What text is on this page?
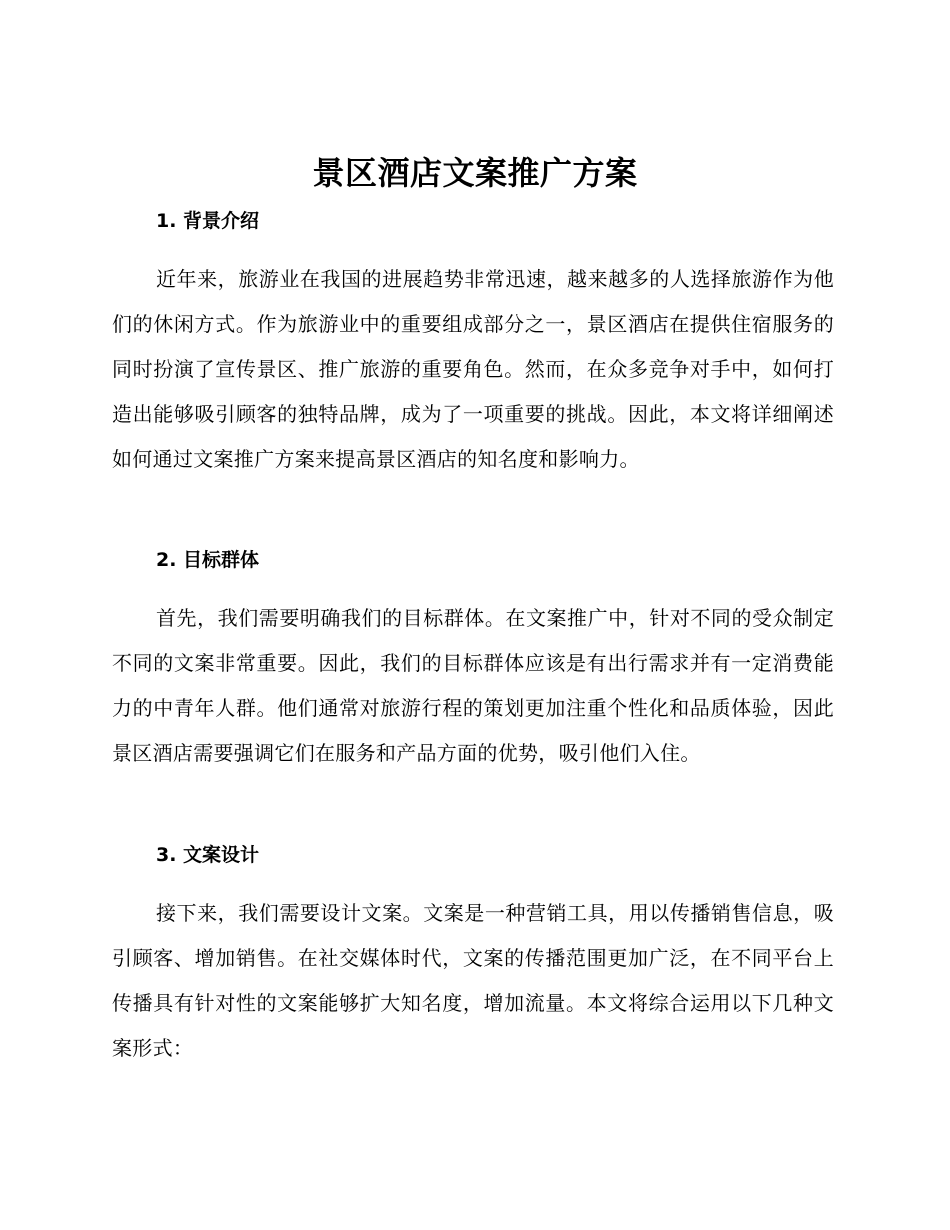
景区酒店文案推广方案
1. 背景介绍

近年来，旅游业在我国的进展趋势非常迅速，越来越多的人选择旅游作为他们的休闲方式。作为旅游业中的重要组成部分之一，景区酒店在提供住宿服务的同时扮演了宣传景区、推广旅游的重要角色。然而，在众多竞争对手中，如何打造出能够吸引顾客的独特品牌，成为了一项重要的挑战。因此，本文将详细阐述如何通过文案推广方案来提高景区酒店的知名度和影响力。

2. 目标群体

首先，我们需要明确我们的目标群体。在文案推广中，针对不同的受众制定不同的文案非常重要。因此，我们的目标群体应该是有出行需求并有一定消费能力的中青年人群。他们通常对旅游行程的策划更加注重个性化和品质体验，因此景区酒店需要强调它们在服务和产品方面的优势，吸引他们入住。

3. 文案设计

接下来，我们需要设计文案。文案是一种营销工具，用以传播销售信息，吸引顾客、增加销售。在社交媒体时代，文案的传播范围更加广泛，在不同平台上传播具有针对性的文案能够扩大知名度，增加流量。本文将综合运用以下几种文案形式：
